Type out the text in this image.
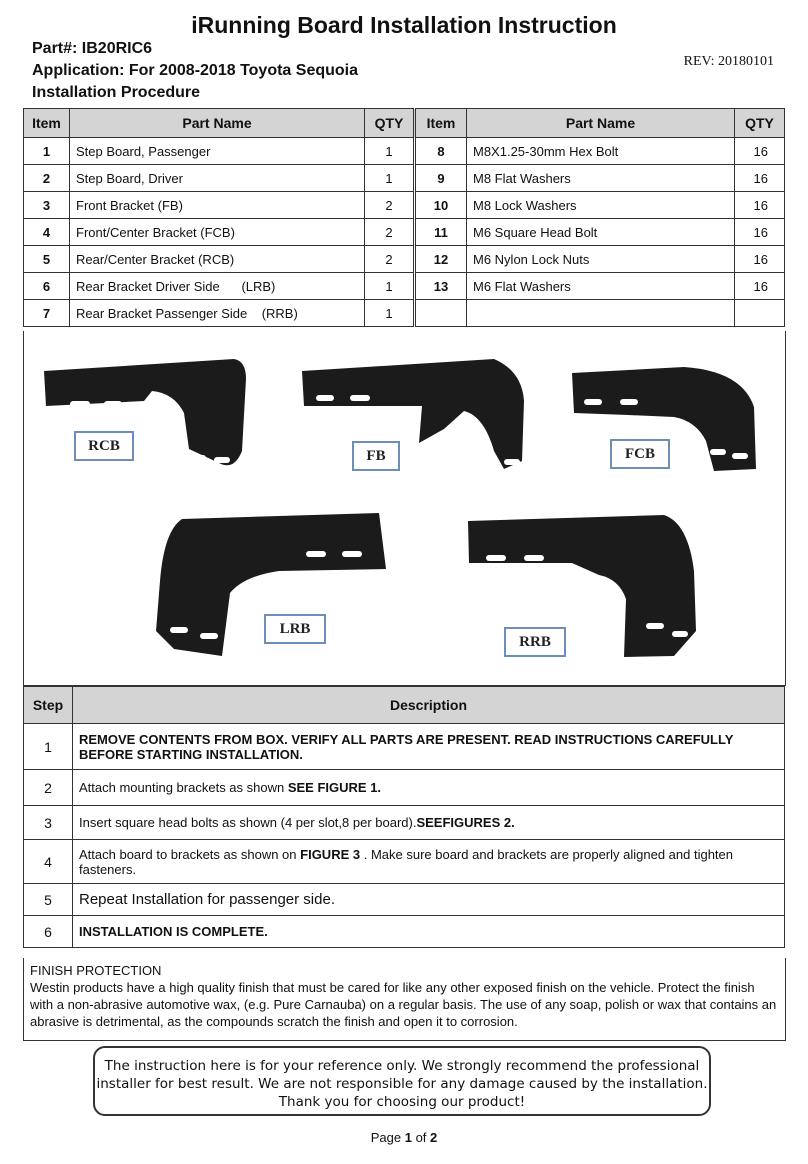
iRunning Board Installation Instruction
Part#: IB20RIC6
Application: For 2008-2018 Toyota Sequoia
Installation Procedure
REV: 20180101
Item	Part Name	QTY	Item	Part Name	QTY
1	Step Board, Passenger	1	8	M8X1.25-30mm Hex Bolt	16
2	Step Board, Driver	1	9	M8 Flat Washers	16
3	Front Bracket (FB)	2	10	M8 Lock Washers	16
4	Front/Center Bracket (FCB)	2	11	M6 Square Head Bolt	16
5	Rear/Center Bracket (RCB)	2	12	M6 Nylon Lock Nuts	16
6	Rear Bracket Driver Side      (LRB)	1	13	M6 Flat Washers	16
7	Rear Bracket Passenger Side    (RRB)	1			
RCB
FB	FCB
LRB
RRB
Step	Description
1	REMOVE CONTENTS FROM BOX. VERIFY ALL PARTS ARE PRESENT. READ INSTRUCTIONS CAREFULLY BEFORE STARTING INSTALLATION.
2	Attach mounting brackets as shown SEE FIGURE 1.
3	Insert square head bolts as shown (4 per slot,8 per board).SEEFIGURES 2.
4	Attach board to brackets as shown on FIGURE 3 . Make sure board and brackets are properly aligned and tighten fasteners.
5	Repeat Installation for passenger side.
6	INSTALLATION IS COMPLETE.
FINISH PROTECTION
Westin products have a high quality finish that must be cared for like any other exposed finish on the vehicle. Protect the finish with a non-abrasive automotive wax, (e.g. Pure Carnauba) on a regular basis. The use of any soap, polish or wax that contains an abrasive is detrimental, as the compounds scratch the finish and open it to corrosion.
The instruction here is for your reference only. We strongly recommend the professional installer for best result. We are not responsible for any damage caused by the installation. Thank you for choosing our product!
Page 1 of 2
